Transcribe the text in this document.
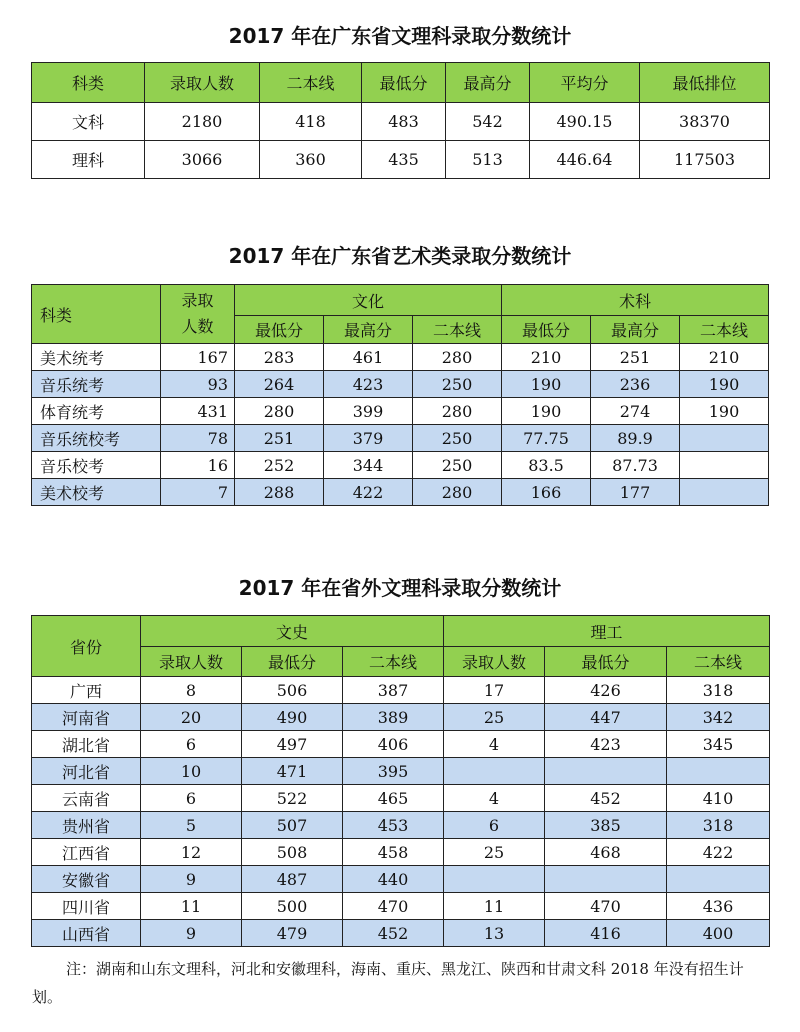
2017 年在广东省文理科录取分数统计
科类	录取人数	二本线	最低分	最高分	平均分	最低排位
文科	2180	418	483	542	490.15	38370
理科	3066	360	435	513	446.64	117503
2017 年在广东省艺术类录取分数统计
科类	录取人数	文化			术科		
		最低分	最高分	二本线	最低分	最高分	二本线
美术统考	167	283	461	280	210	251	210
音乐统考	93	264	423	250	190	236	190
体育统考	431	280	399	280	190	274	190
音乐统校考	78	251	379	250	77.75	89.9	
音乐校考	16	252	344	250	83.5	87.73	
美术校考	7	288	422	280	166	177	
2017 年在省外文理科录取分数统计
省份	文史			理工		
	录取人数	最低分	二本线	录取人数	最低分	二本线
广西	8	506	387	17	426	318
河南省	20	490	389	25	447	342
湖北省	6	497	406	4	423	345
河北省	10	471	395			
云南省	6	522	465	4	452	410
贵州省	5	507	453	6	385	318
江西省	12	508	458	25	468	422
安徽省	9	487	440			
四川省	11	500	470	11	470	436
山西省	9	479	452	13	416	400
注：湖南和山东文理科，河北和安徽理科，海南、重庆、黑龙江、陕西和甘肃文科 2018 年没有招生计划。
